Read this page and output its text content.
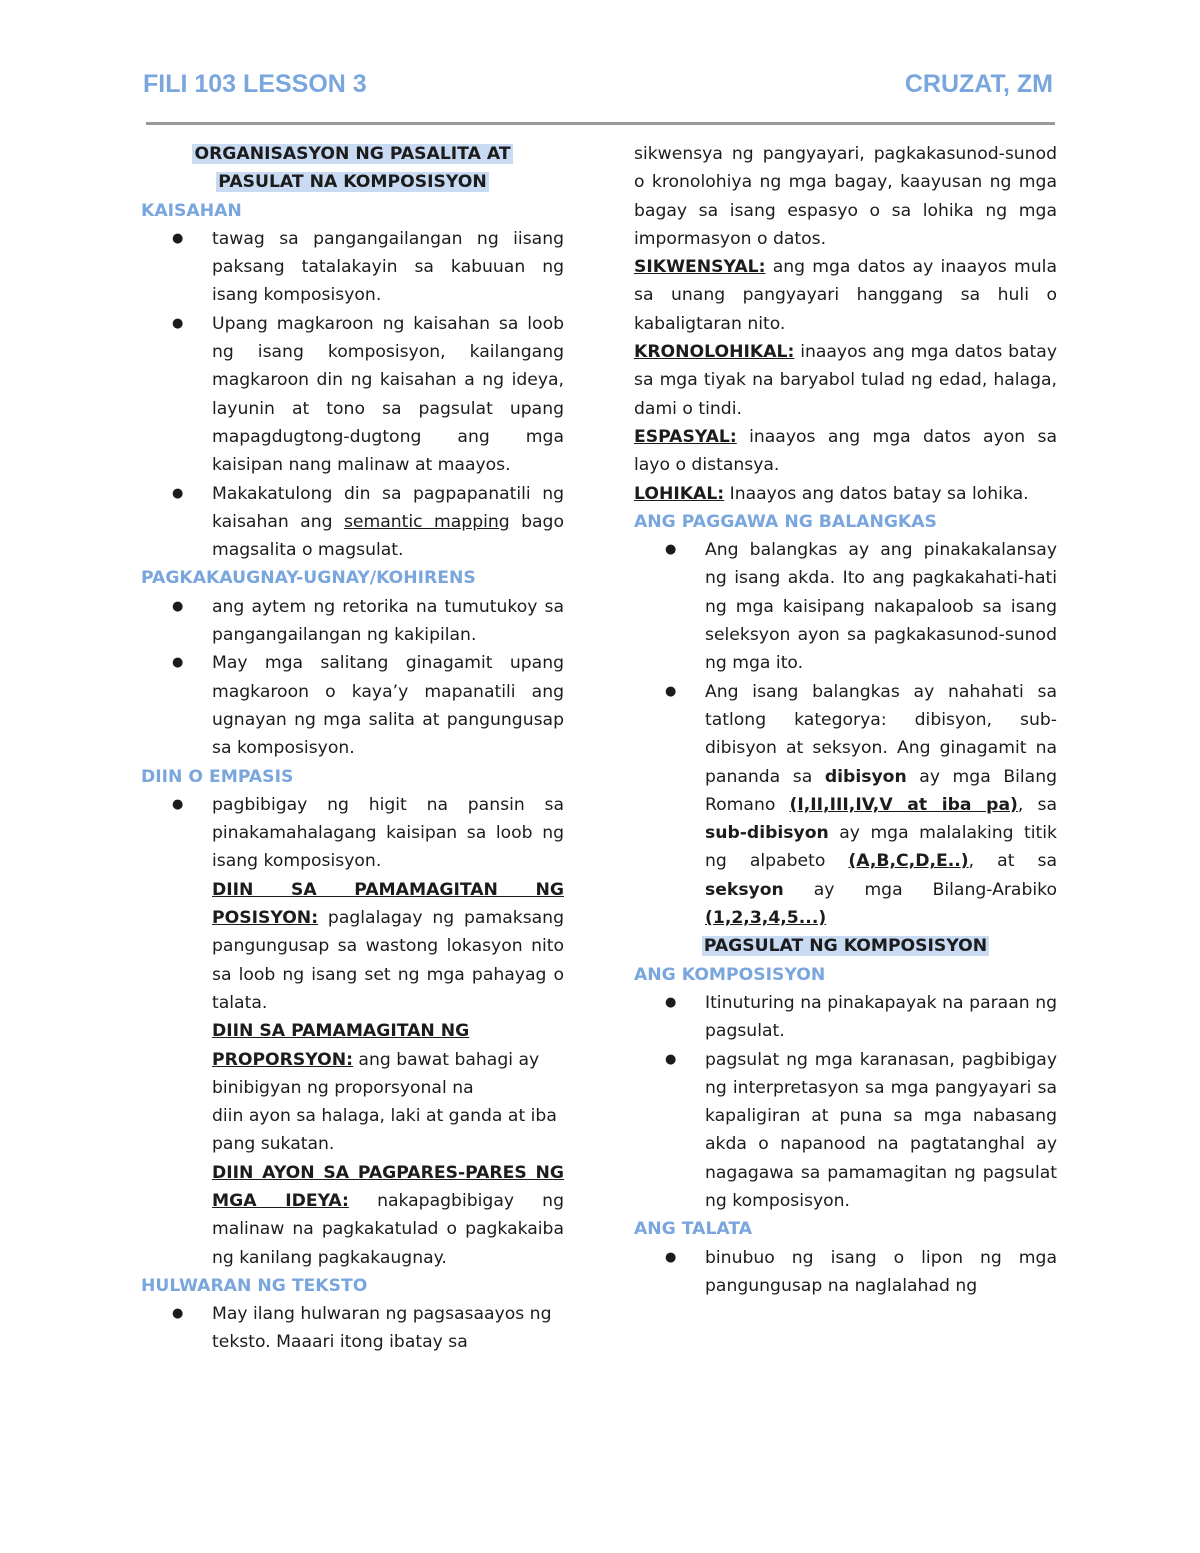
FILI 103 LESSON 3	CRUZAT, ZM
ORGANISASYON NG PASALITA AT
PASULAT NA KOMPOSISYON
KAISAHAN
● tawag sa pangangailangan ng iisang paksang tatalakayin sa kabuuan ng isang komposisyon.
● Upang magkaroon ng kaisahan sa loob ng isang komposisyon, kailangang magkaroon din ng kaisahan a ng ideya, layunin at tono sa pagsulat upang mapagdugtong-dugtong ang mga kaisipan nang malinaw at maayos.
● Makakatulong din sa pagpapanatili ng kaisahan ang semantic mapping bago magsalita o magsulat.
PAGKAKAUGNAY-UGNAY/KOHIRENS
● ang aytem ng retorika na tumutukoy sa pangangailangan ng kakipilan.
● May mga salitang ginagamit upang magkaroon o kaya’y mapanatili ang ugnayan ng mga salita at pangungusap sa komposisyon.
DIIN O EMPASIS
● pagbibigay ng higit na pansin sa pinakamahalagang kaisipan sa loob ng isang komposisyon.
DIIN SA PAMAMAGITAN NG POSISYON: paglalagay ng pamaksang pangungusap sa wastong lokasyon nito sa loob ng isang set ng mga pahayag o talata.
DIIN SA PAMAMAGITAN NG PROPORSYON: ang bawat bahagi ay binibigyan ng proporsyonal na
diin ayon sa halaga, laki at ganda at iba pang sukatan.
DIIN AYON SA PAGPARES-PARES NG MGA IDEYA: nakapagbibigay ng malinaw na pagkakatulad o pagkakaiba ng kanilang pagkakaugnay.
HULWARAN NG TEKSTO
● May ilang hulwaran ng pagsasaayos ng teksto. Maaari itong ibatay sa
sikwensya ng pangyayari, pagkakasunod-sunod o kronolohiya ng mga bagay, kaayusan ng mga bagay sa isang espasyo o sa lohika ng mga impormasyon o datos.
SIKWENSYAL: ang mga datos ay inaayos mula sa unang pangyayari hanggang sa huli o kabaligtaran nito.
KRONOLOHIKAL: inaayos ang mga datos batay sa mga tiyak na baryabol tulad ng edad, halaga, dami o tindi.
ESPASYAL: inaayos ang mga datos ayon sa layo o distansya.
LOHIKAL: Inaayos ang datos batay sa lohika.
ANG PAGGAWA NG BALANGKAS
● Ang balangkas ay ang pinakakalansay ng isang akda. Ito ang pagkakahati-hati ng mga kaisipang nakapaloob sa isang seleksyon ayon sa pagkakasunod-sunod ng mga ito.
● Ang isang balangkas ay nahahati sa tatlong kategorya: dibisyon, sub-dibisyon at seksyon. Ang ginagamit na pananda sa dibisyon ay mga Bilang Romano (I,II,III,IV,V at iba pa), sa sub-dibisyon ay mga malalaking titik ng alpabeto (A,B,C,D,E..), at sa seksyon ay mga Bilang-Arabiko (1,2,3,4,5...)
PAGSULAT NG KOMPOSISYON
ANG KOMPOSISYON
● Itinuturing na pinakapayak na paraan ng pagsulat.
● pagsulat ng mga karanasan, pagbibigay ng interpretasyon sa mga pangyayari sa kapaligiran at puna sa mga nabasang akda o napanood na pagtatanghal ay nagagawa sa pamamagitan ng pagsulat ng komposisyon.
ANG TALATA
● binubuo ng isang o lipon ng mga pangungusap na naglalahad ng
